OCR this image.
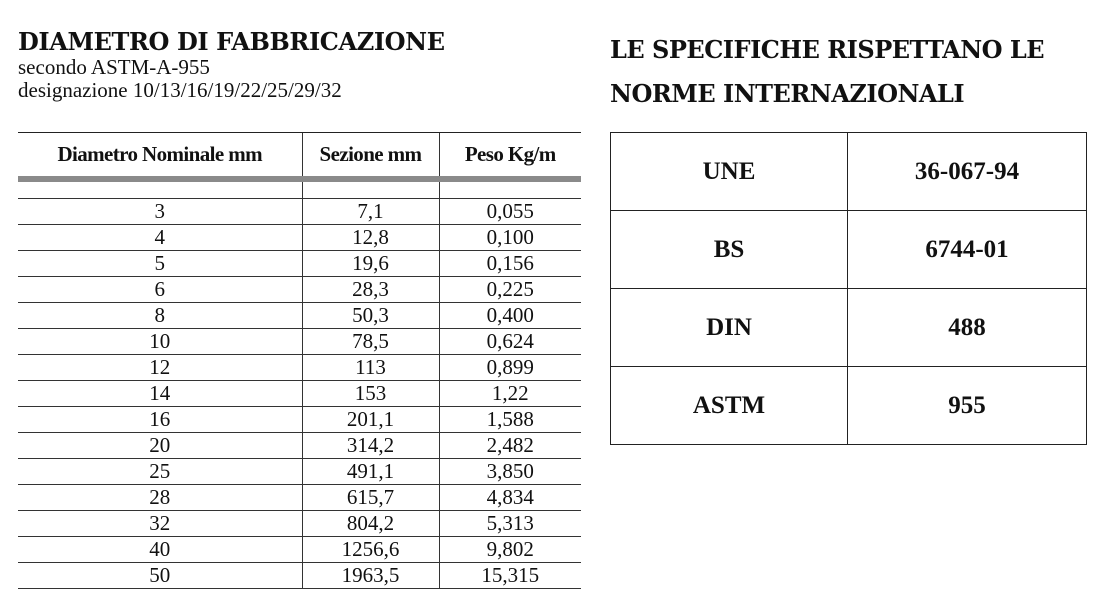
DIAMETRO DI FABBRICAZIONE
secondo ASTM-A-955
designazione 10/13/16/19/22/25/29/32
Diametro Nominale mm	Sezione mm	Peso Kg/m

3	7,1	0,055
4	12,8	0,100
5	19,6	0,156
6	28,3	0,225
8	50,3	0,400
10	78,5	0,624
12	113	0,899
14	153	1,22
16	201,1	1,588
20	314,2	2,482
25	491,1	3,850
28	615,7	4,834
32	804,2	5,313
40	1256,6	9,802
50	1963,5	15,315
LE SPECIFICHE RISPETTANO LE NORME INTERNAZIONALI
UNE	36-067-94
BS	6744-01
DIN	488
ASTM	955
